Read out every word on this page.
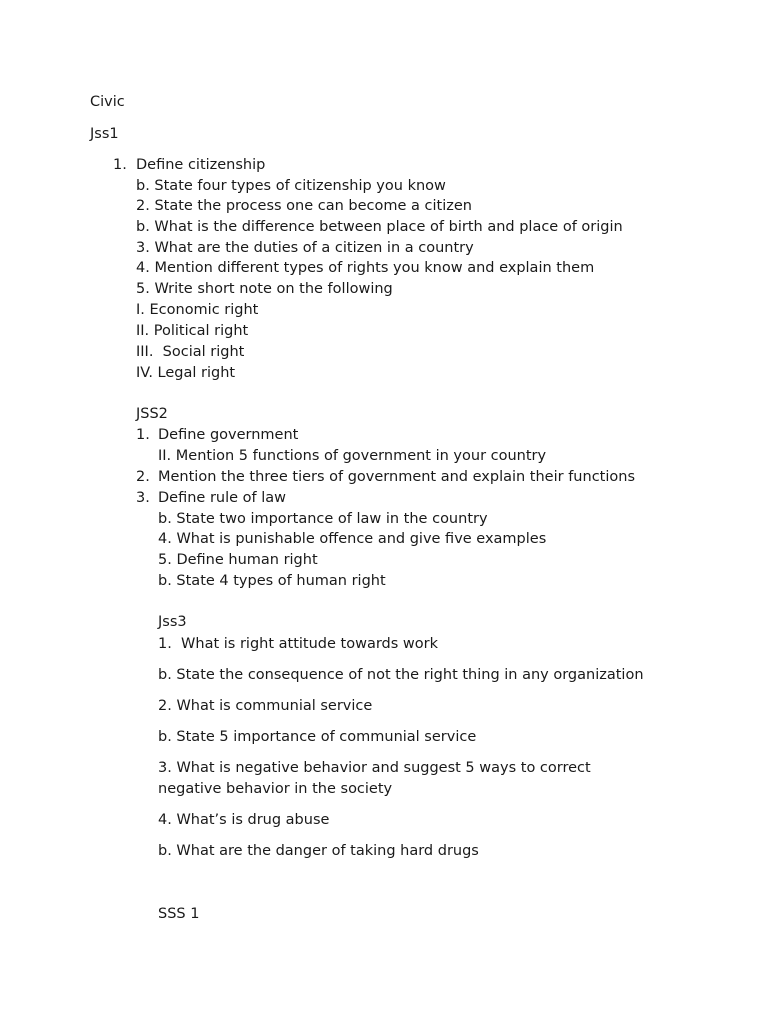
Civic
Jss1
1. Define citizenship
b. State four types of citizenship you know
2. State the process one can become a citizen
b. What is the difference between place of birth and place of origin
3. What are the duties of a citizen in a country
4. Mention different types of rights you know and explain them
5. Write short note on the following
I. Economic right
II. Political right
III.  Social right
IV. Legal right
JSS2
1. Define government
II. Mention 5 functions of government in your country
2. Mention the three tiers of government and explain their functions
3. Define rule of law
b. State two importance of law in the country
4. What is punishable offence and give five examples
5. Define human right
b. State 4 types of human right
Jss3
1.  What is right attitude towards work
b. State the consequence of not the right thing in any organization
2. What is communial service
b. State 5 importance of communial service
3. What is negative behavior and suggest 5 ways to correct
negative behavior in the society
4. What’s is drug abuse
b. What are the danger of taking hard drugs
SSS 1
